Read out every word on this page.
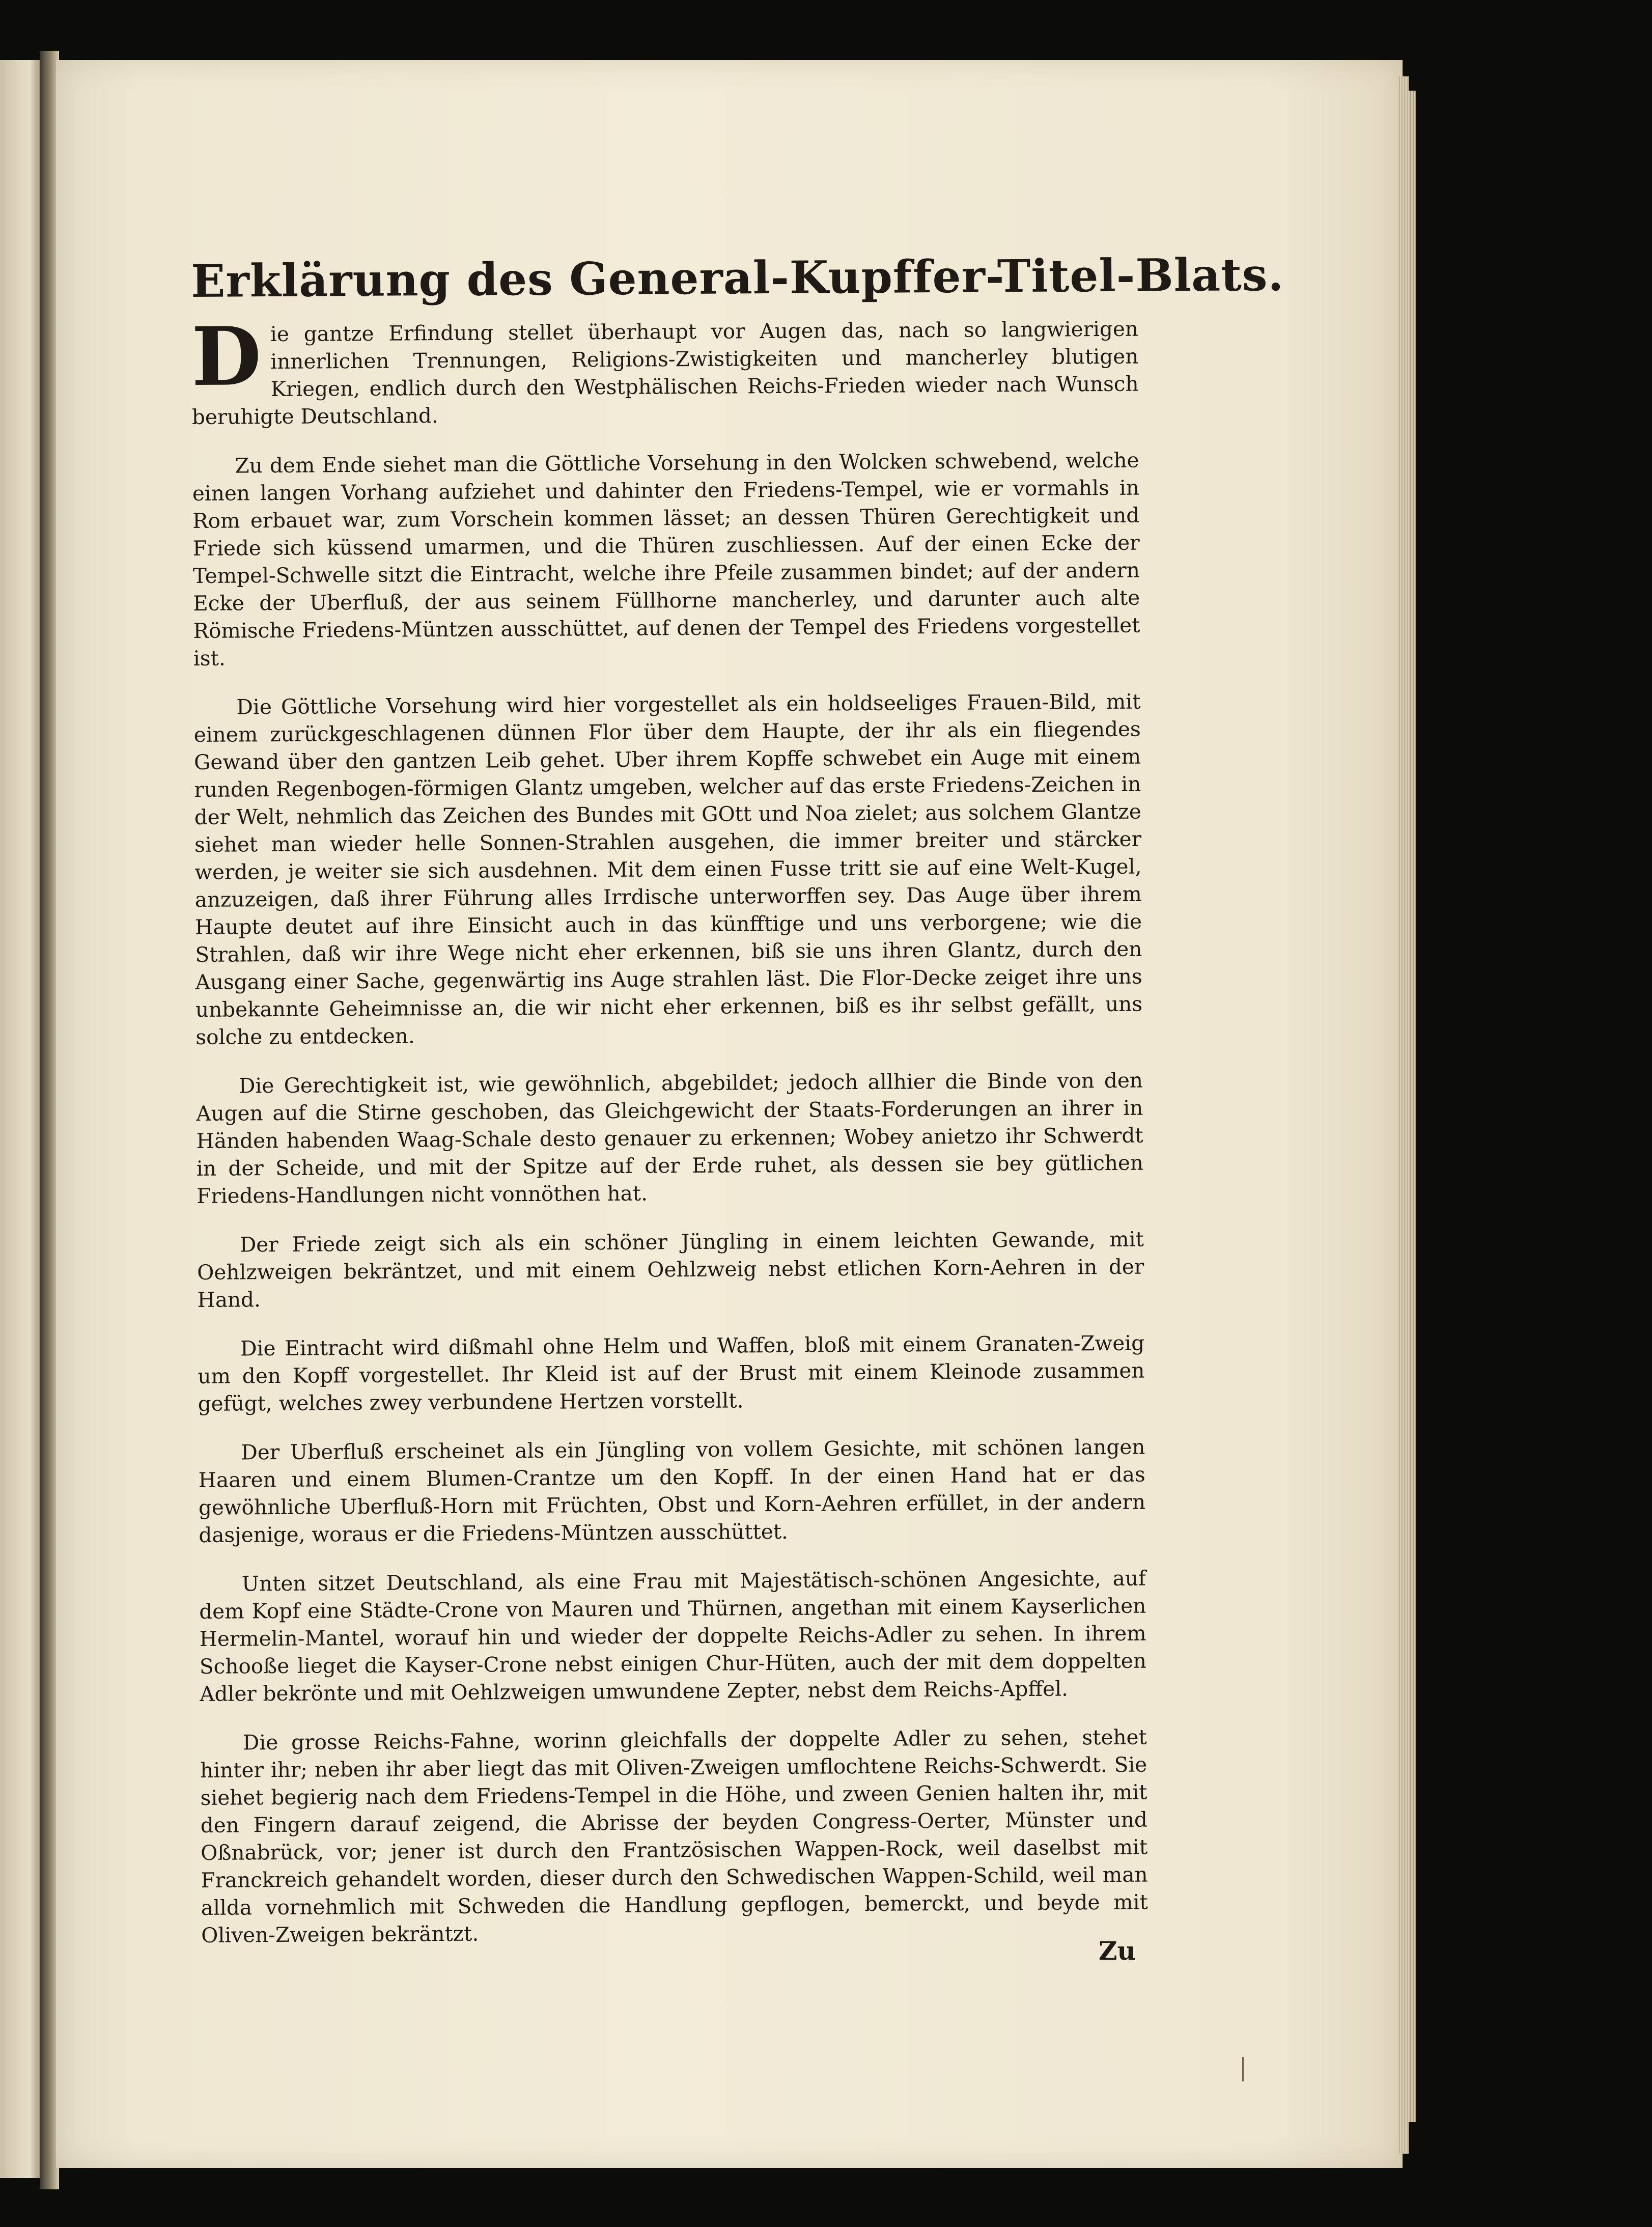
Erklärung des General-Kupffer-Titel-Blats.

Die gantze Erfindung stellet überhaupt vor Augen das, nach so langwierigen innerlichen Trennungen, Religions-Zwistigkeiten und mancherley blutigen Kriegen, endlich durch den Westphälischen Reichs-Frieden wieder nach Wunsch beruhigte Deutschland.

Zu dem Ende siehet man die Göttliche Vorsehung in den Wolcken schwebend, welche einen langen Vorhang aufziehet und dahinter den Friedens-Tempel, wie er vormahls in Rom erbauet war, zum Vorschein kommen lässet; an dessen Thüren Gerechtigkeit und Friede sich küssend umarmen, und die Thüren zuschliessen. Auf der einen Ecke der Tempel-Schwelle sitzt die Eintracht, welche ihre Pfeile zusammen bindet; auf der andern Ecke der Uberfluß, der aus seinem Füllhorne mancherley, und darunter auch alte Römische Friedens-Müntzen ausschüttet, auf denen der Tempel des Friedens vorgestellet ist.

Die Göttliche Vorsehung wird hier vorgestellet als ein holdseeliges Frauen-Bild, mit einem zurückgeschlagenen dünnen Flor über dem Haupte, der ihr als ein fliegendes Gewand über den gantzen Leib gehet. Uber ihrem Kopffe schwebet ein Auge mit einem runden Regenbogen-förmigen Glantz umgeben, welcher auf das erste Friedens-Zeichen in der Welt, nehmlich das Zeichen des Bundes mit GOtt und Noa zielet; aus solchem Glantze siehet man wieder helle Sonnen-Strahlen ausgehen, die immer breiter und stärcker werden, je weiter sie sich ausdehnen. Mit dem einen Fusse tritt sie auf eine Welt-Kugel, anzuzeigen, daß ihrer Führung alles Irrdische unterworffen sey. Das Auge über ihrem Haupte deutet auf ihre Einsicht auch in das künfftige und uns verborgene; wie die Strahlen, daß wir ihre Wege nicht eher erkennen, biß sie uns ihren Glantz, durch den Ausgang einer Sache, gegenwärtig ins Auge strahlen läst. Die Flor-Decke zeiget ihre uns unbekannte Geheimnisse an, die wir nicht eher erkennen, biß es ihr selbst gefällt, uns solche zu entdecken.

Die Gerechtigkeit ist, wie gewöhnlich, abgebildet; jedoch allhier die Binde von den Augen auf die Stirne geschoben, das Gleichgewicht der Staats-Forderungen an ihrer in Händen habenden Waag-Schale desto genauer zu erkennen; Wobey anietzo ihr Schwerdt in der Scheide, und mit der Spitze auf der Erde ruhet, als dessen sie bey gütlichen Friedens-Handlungen nicht vonnöthen hat.

Der Friede zeigt sich als ein schöner Jüngling in einem leichten Gewande, mit Oehlzweigen bekräntzet, und mit einem Oehlzweig nebst etlichen Korn-Aehren in der Hand.

Die Eintracht wird dißmahl ohne Helm und Waffen, bloß mit einem Granaten-Zweig um den Kopff vorgestellet. Ihr Kleid ist auf der Brust mit einem Kleinode zusammen gefügt, welches zwey verbundene Hertzen vorstellt.

Der Uberfluß erscheinet als ein Jüngling von vollem Gesichte, mit schönen langen Haaren und einem Blumen-Crantze um den Kopff. In der einen Hand hat er das gewöhnliche Uberfluß-Horn mit Früchten, Obst und Korn-Aehren erfüllet, in der andern dasjenige, woraus er die Friedens-Müntzen ausschüttet.

Unten sitzet Deutschland, als eine Frau mit Majestätisch-schönen Angesichte, auf dem Kopf eine Städte-Crone von Mauren und Thürnen, angethan mit einem Kayserlichen Hermelin-Mantel, worauf hin und wieder der doppelte Reichs-Adler zu sehen. In ihrem Schooße lieget die Kayser-Crone nebst einigen Chur-Hüten, auch der mit dem doppelten Adler bekrönte und mit Oehlzweigen umwundene Zepter, nebst dem Reichs-Apffel.

Die grosse Reichs-Fahne, worinn gleichfalls der doppelte Adler zu sehen, stehet hinter ihr; neben ihr aber liegt das mit Oliven-Zweigen umflochtene Reichs-Schwerdt. Sie siehet begierig nach dem Friedens-Tempel in die Höhe, und zween Genien halten ihr, mit den Fingern darauf zeigend, die Abrisse der beyden Congress-Oerter, Münster und Oßnabrück, vor; jener ist durch den Frantzösischen Wappen-Rock, weil daselbst mit Franckreich gehandelt worden, dieser durch den Schwedischen Wappen-Schild, weil man allda vornehmlich mit Schweden die Handlung gepflogen, bemerckt, und beyde mit Oliven-Zweigen bekräntzt.

Zu
